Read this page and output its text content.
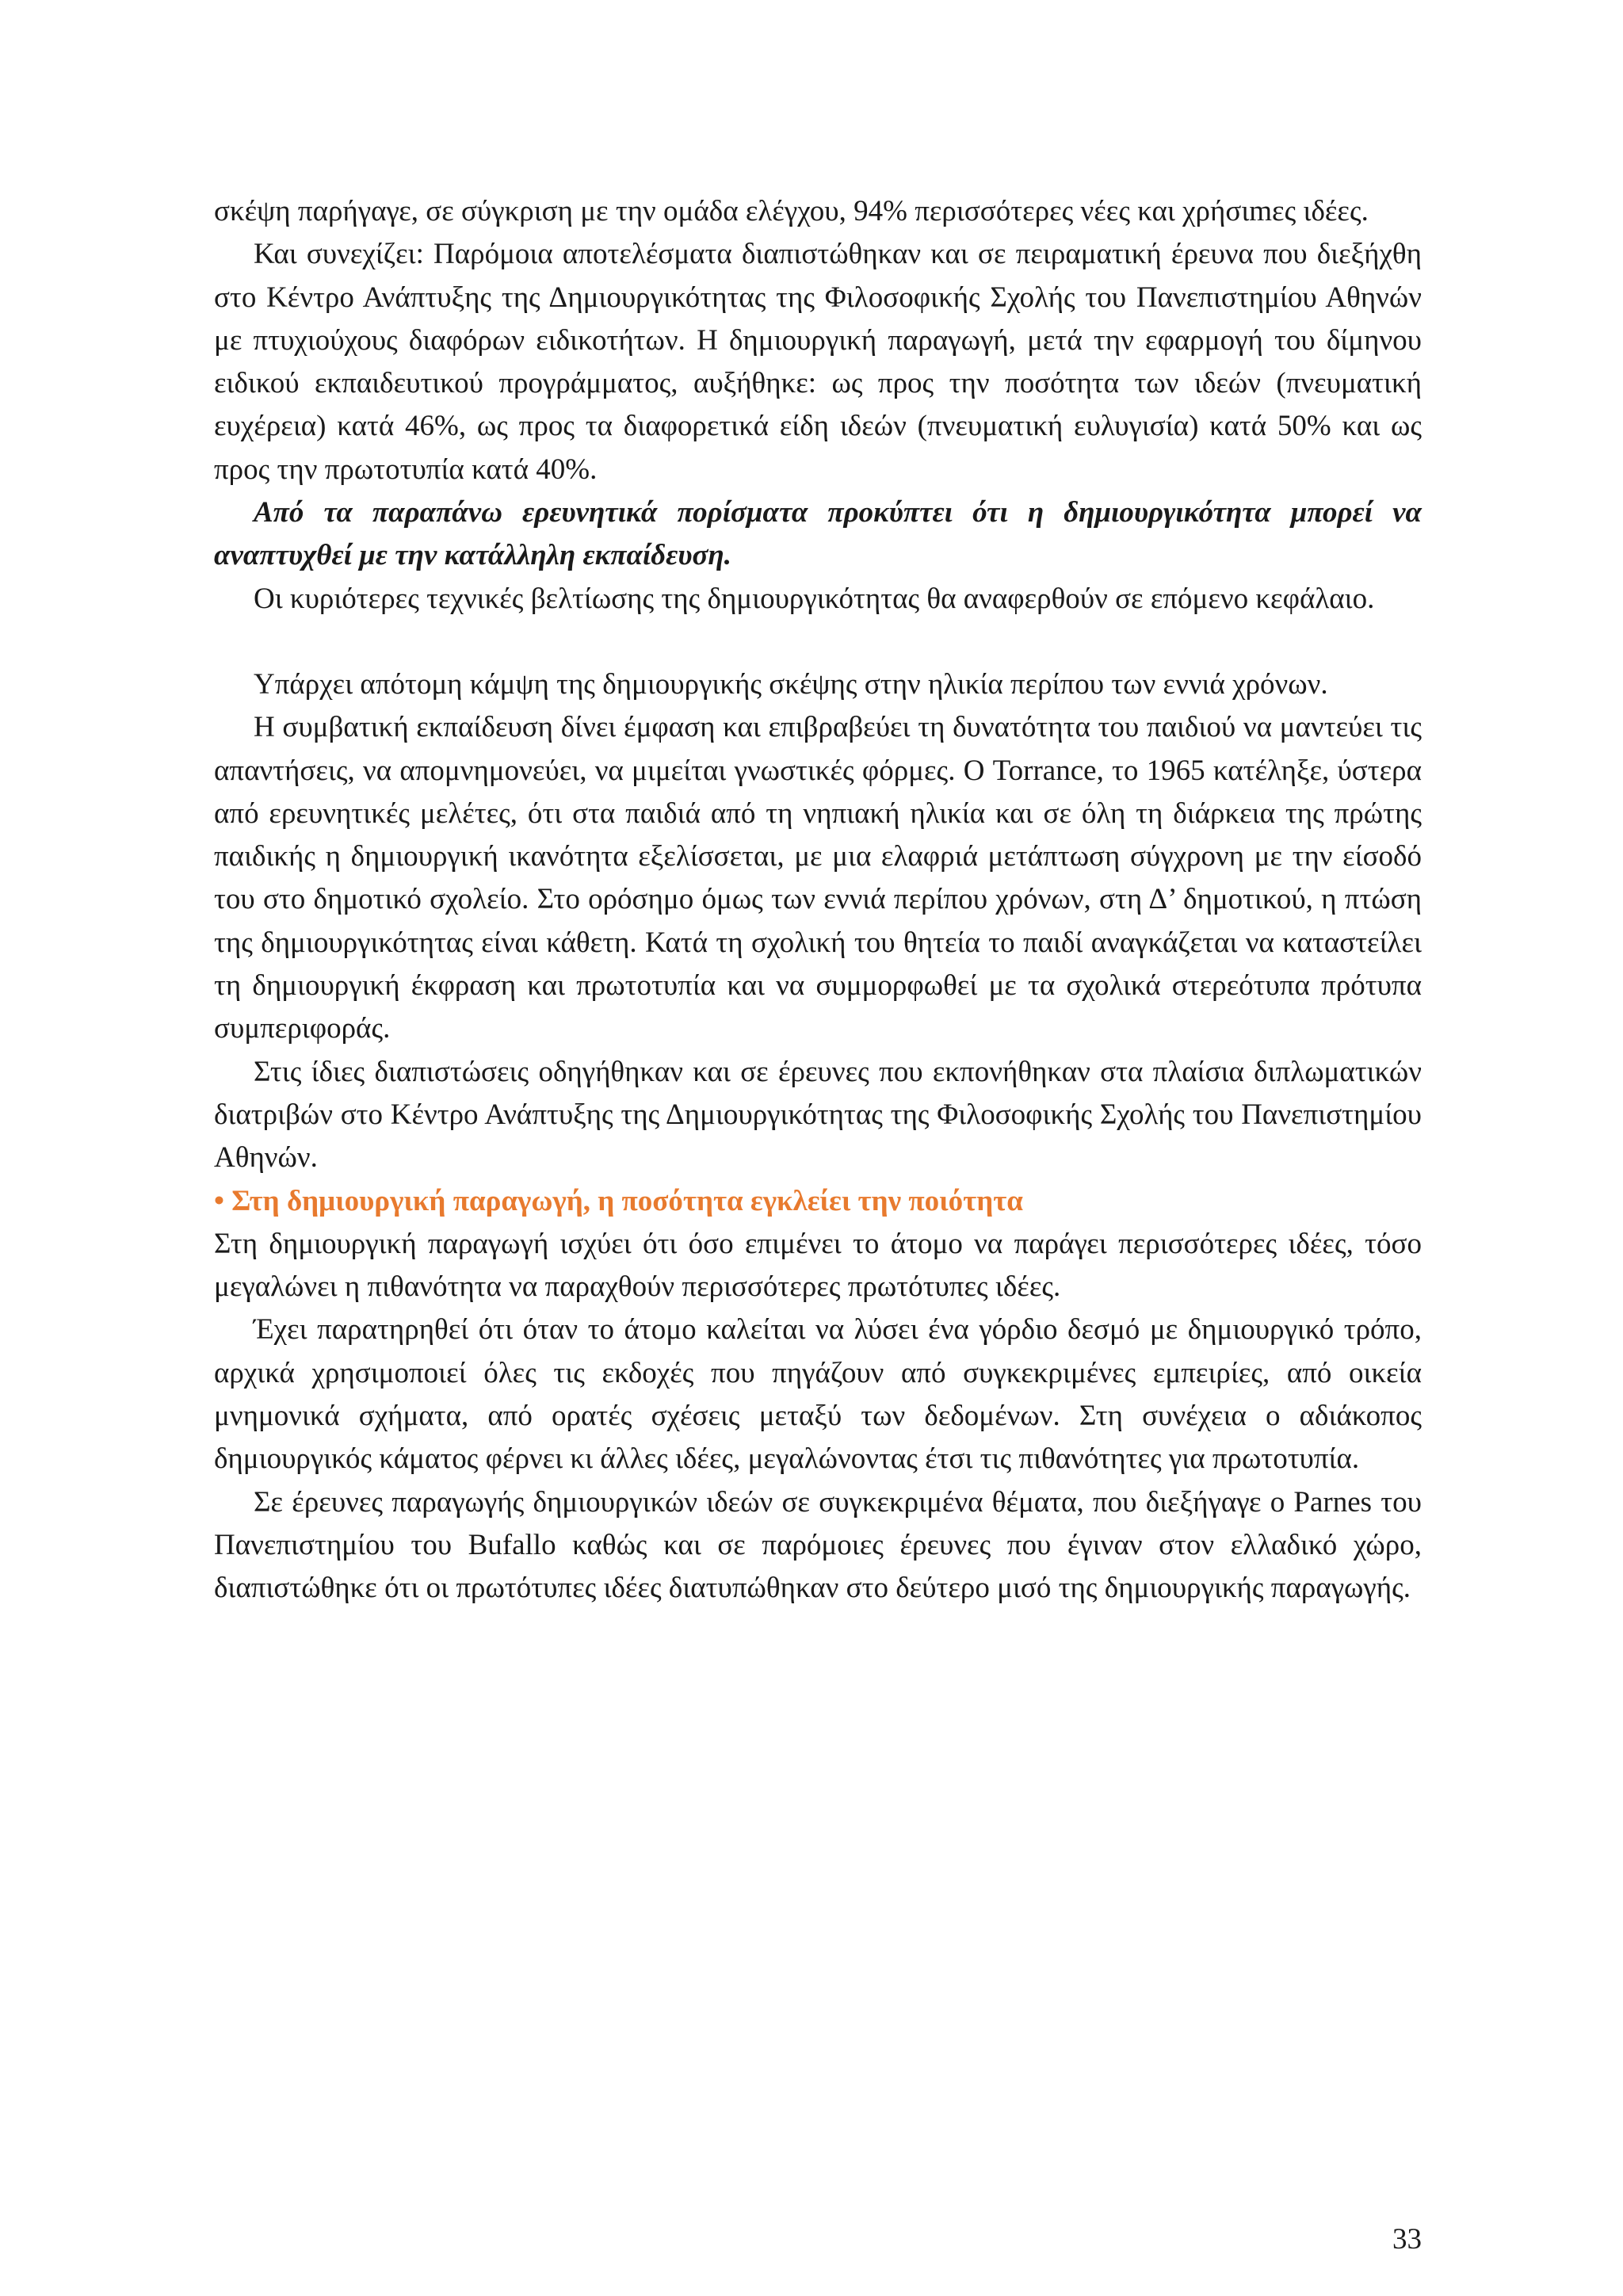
σκέψη παρήγαγε, σε σύγκριση με την ομάδα ελέγχου, 94% περισσότερες νέες και χρήσιmες ιδέες.

Και συνεχίζει: Παρόμοια αποτελέσματα διαπιστώθηκαν και σε πειραματική έρευνα που διεξήχθη στο Κέντρο Ανάπτυξης της Δημιουργικότητας της Φιλοσοφικής Σχολής του Πανεπιστημίου Αθηνών με πτυχιούχους διαφόρων ειδικοτήτων. Η δημιουργική παραγωγή, μετά την εφαρμογή του δίμηνου ειδικού εκπαιδευτικού προγράμματος, αυξήθηκε: ως προς την ποσότητα των ιδεών (πνευματική ευχέρεια) κατά 46%, ως προς τα διαφορετικά είδη ιδεών (πνευματική ευλυγισία) κατά 50% και ως προς την πρωτοτυπία κατά 40%.

Από τα παραπάνω ερευνητικά πορίσματα προκύπτει ότι η δημιουργικότητα μπορεί να αναπτυχθεί με την κατάλληλη εκπαίδευση.

Οι κυριότερες τεχνικές βελτίωσης της δημιουργικότητας θα αναφερθούν σε επόμενο κεφάλαιο.

Υπάρχει απότομη κάμψη της δημιουργικής σκέψης στην ηλικία περίπου των εννιά χρόνων.

Η συμβατική εκπαίδευση δίνει έμφαση και επιβραβεύει τη δυνατότητα του παιδιού να μαντεύει τις απαντήσεις, να απομνημονεύει, να μιμείται γνωστικές φόρμες. Ο Torrance, το 1965 κατέληξε, ύστερα από ερευνητικές μελέτες, ότι στα παιδιά από τη νηπιακή ηλικία και σε όλη τη διάρκεια της πρώτης παιδικής η δημιουργική ικανότητα εξελίσσεται, με μια ελαφριά μετάπτωση σύγχρονη με την είσοδό του στο δημοτικό σχολείο. Στο ορόσημο όμως των εννιά περίπου χρόνων, στη Δ’ δημοτικού, η πτώση της δημιουργικότητας είναι κάθετη. Κατά τη σχολική του θητεία το παιδί αναγκάζεται να καταστείλει τη δημιουργική έκφραση και πρωτοτυπία και να συμμορφωθεί με τα σχολικά στερεότυπα πρότυπα συμπεριφοράς.

Στις ίδιες διαπιστώσεις οδηγήθηκαν και σε έρευνες που εκπονήθηκαν στα πλαίσια διπλωματικών διατριβών στο Κέντρο Ανάπτυξης της Δημιουργικότητας της Φιλοσοφικής Σχολής του Πανεπιστημίου Αθηνών.

• Στη δημιουργική παραγωγή, η ποσότητα εγκλείει την ποιότητα

Στη δημιουργική παραγωγή ισχύει ότι όσο επιμένει το άτομο να παράγει περισσότερες ιδέες, τόσο μεγαλώνει η πιθανότητα να παραχθούν περισσότερες πρωτότυπες ιδέες.

Έχει παρατηρηθεί ότι όταν το άτομο καλείται να λύσει ένα γόρδιο δεσμό με δημιουργικό τρόπο, αρχικά χρησιμοποιεί όλες τις εκδοχές που πηγάζουν από συγκεκριμένες εμπειρίες, από οικεία μνημονικά σχήματα, από ορατές σχέσεις μεταξύ των δεδομένων. Στη συνέχεια ο αδιάκοπος δημιουργικός κάματος φέρνει κι άλλες ιδέες, μεγαλώνοντας έτσι τις πιθανότητες για πρωτοτυπία.

Σε έρευνες παραγωγής δημιουργικών ιδεών σε συγκεκριμένα θέματα, που διεξήγαγε ο Parnes του Πανεπιστημίου του Bufallo καθώς και σε παρόμοιες έρευνες που έγιναν στον ελλαδικό χώρο, διαπιστώθηκε ότι οι πρωτότυπες ιδέες διατυπώθηκαν στο δεύτερο μισό της δημιουργικής παραγωγής.

33
